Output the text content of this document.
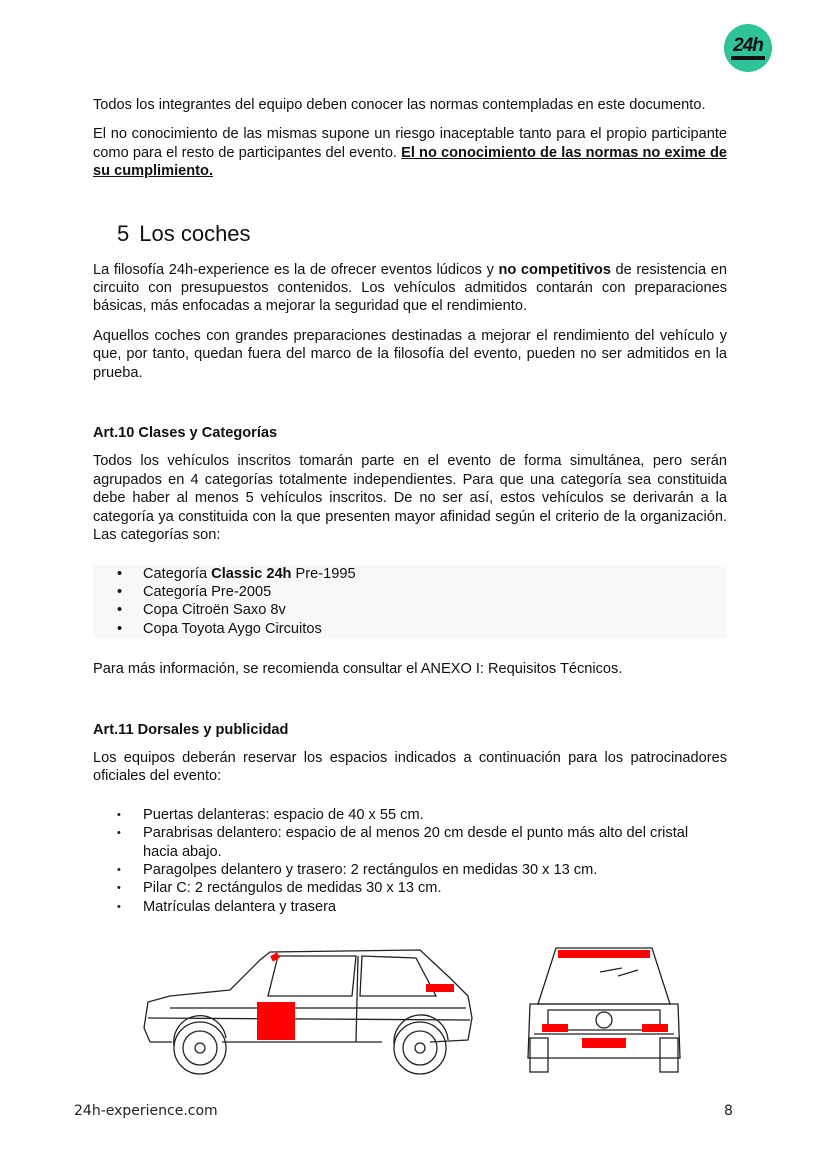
24h

Todos los integrantes del equipo deben conocer las normas contempladas en este documento.

El no conocimiento de las mismas supone un riesgo inaceptable tanto para el propio participante como para el resto de participantes del evento. El no conocimiento de las normas no exime de su cumplimiento.

5 Los coches

La filosofía 24h-experience es la de ofrecer eventos lúdicos y no competitivos de resistencia en circuito con presupuestos contenidos. Los vehículos admitidos contarán con preparaciones básicas, más enfocadas a mejorar la seguridad que el rendimiento.

Aquellos coches con grandes preparaciones destinadas a mejorar el rendimiento del vehículo y que, por tanto, quedan fuera del marco de la filosofía del evento, pueden no ser admitidos en la prueba.

Art.10 Clases y Categorías

Todos los vehículos inscritos tomarán parte en el evento de forma simultánea, pero serán agrupados en 4 categorías totalmente independientes. Para que una categoría sea constituida debe haber al menos 5 vehículos inscritos. De no ser así, estos vehículos se derivarán a la categoría ya constituida con la que presenten mayor afinidad según el criterio de la organización. Las categorías son:

• Categoría Classic 24h Pre-1995
• Categoría Pre-2005
• Copa Citroën Saxo 8v
• Copa Toyota Aygo Circuitos

Para más información, se recomienda consultar el ANEXO I: Requisitos Técnicos.

Art.11 Dorsales y publicidad

Los equipos deberán reservar los espacios indicados a continuación para los patrocinadores oficiales del evento:

• Puertas delanteras: espacio de 40 x 55 cm.
• Parabrisas delantero: espacio de al menos 20 cm desde el punto más alto del cristal hacia abajo.
• Paragolpes delantero y trasero: 2 rectángulos en medidas 30 x 13 cm.
• Pilar C: 2 rectángulos de medidas 30 x 13 cm.
• Matrículas delantera y trasera
24h-experience.com	8
